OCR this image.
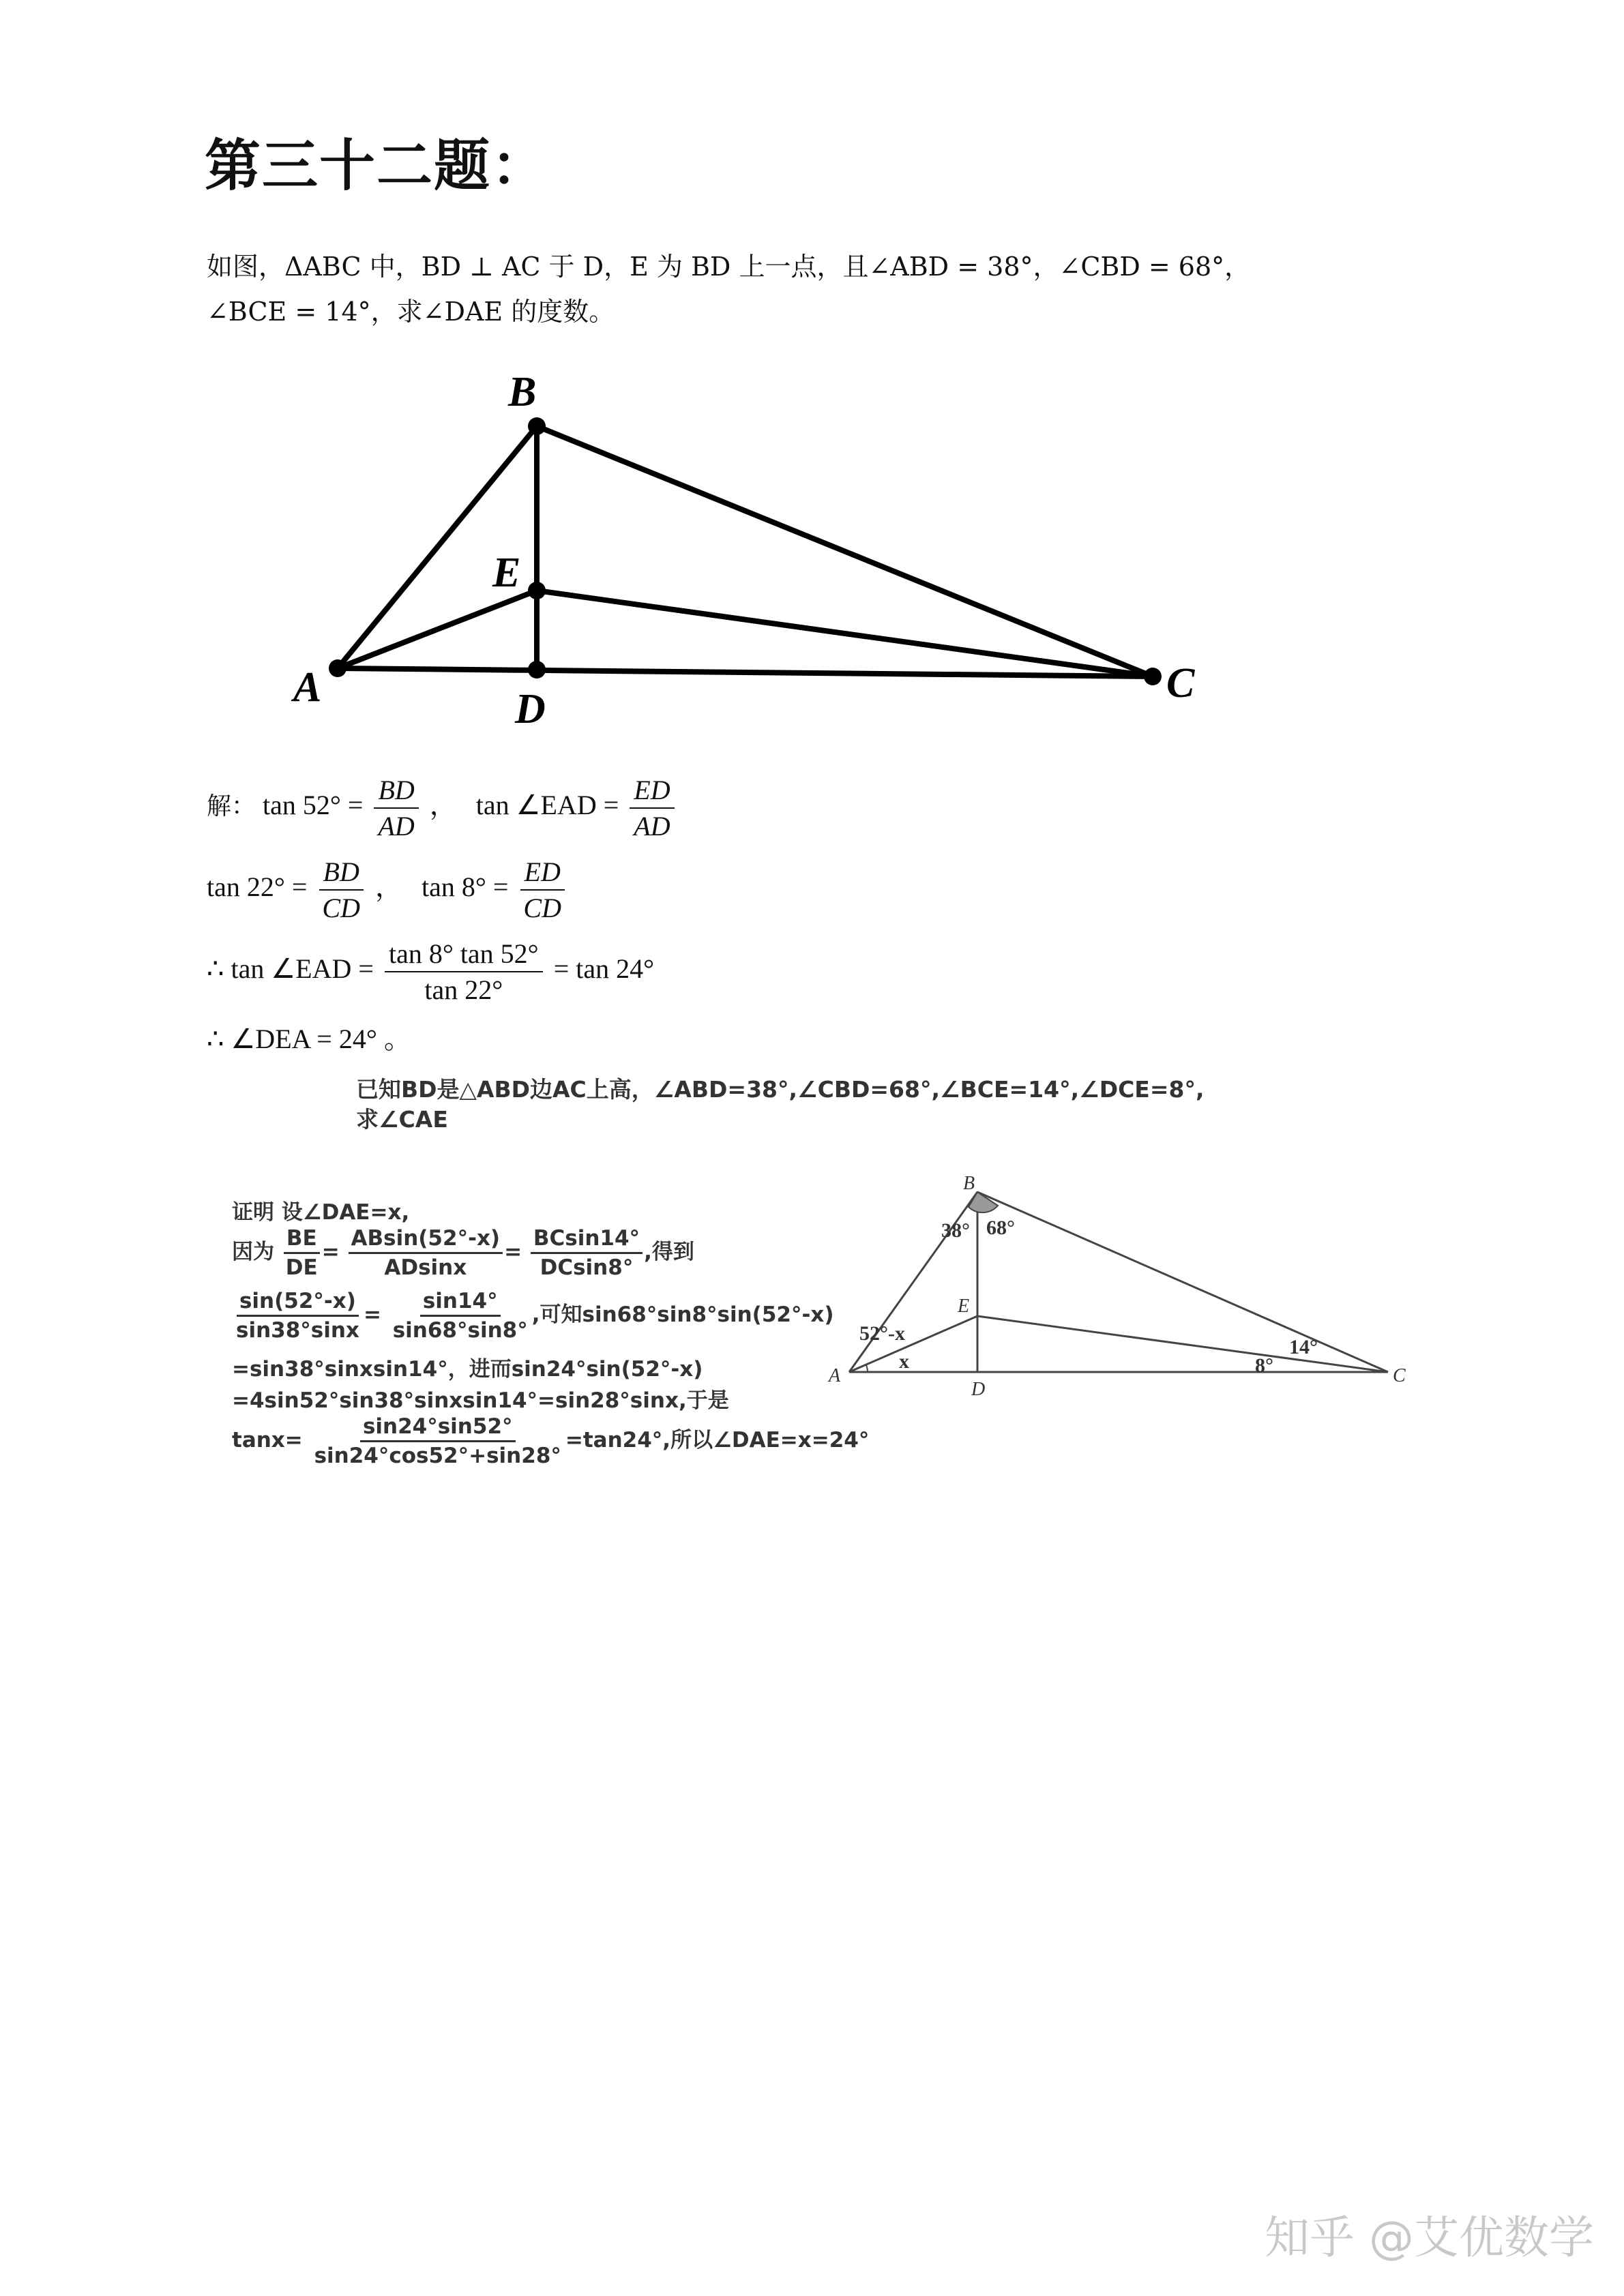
第三十二题：
如图，ΔABC 中，BD ⊥ AC 于 D，E 为 BD 上一点，且∠ABD = 38°，∠CBD = 68°，
∠BCE = 14°，求∠DAE 的度数。
A
B
C
D
E
解： $\tan 52^\circ = \frac{BD}{AD}$ ， tan ∠EAD = $\frac{ED}{AD}$
$\tan 22^\circ = \frac{BD}{CD}$ ， $\tan 8^\circ = \frac{ED}{CD}$
∴ tan ∠EAD = $\frac{\tan 8^\circ \tan 52^\circ}{\tan 22^\circ} = \tan 24^\circ$
∴ ∠DEA = 24° 。
已知BD是△ABD边AC上高，∠ABD=38°,∠CBD=68°,∠BCE=14°,∠DCE=8°,
求∠CAE
证明 设∠DAE=x,
因为 $\frac{BE}{DE} = \frac{ABsin(52^\circ-x)}{ADsinx} = \frac{BCsin14^\circ}{DCsin8^\circ}$ ,得到
$\frac{\sin(52^\circ-x)}{\sin 38^\circ\sin x} = \frac{\sin 14^\circ}{\sin 68^\circ\sin 8^\circ}$ ,可知sin68°sin8°sin(52°-x)
=sin38°sinxsin14°，进而sin24°sin(52°-x)
=4sin52°sin38°sinxsin14°=sin28°sinx,于是
$\tan x= \frac{\sin 24^\circ\sin 52^\circ}{\sin 24^\circ\cos 52^\circ+\sin 28^\circ} =\tan 24^\circ$,所以∠DAE=x=24°
A
B
C
D
E
38° 68°
52°-x
x
14°
8°
知乎 @艾优数学
